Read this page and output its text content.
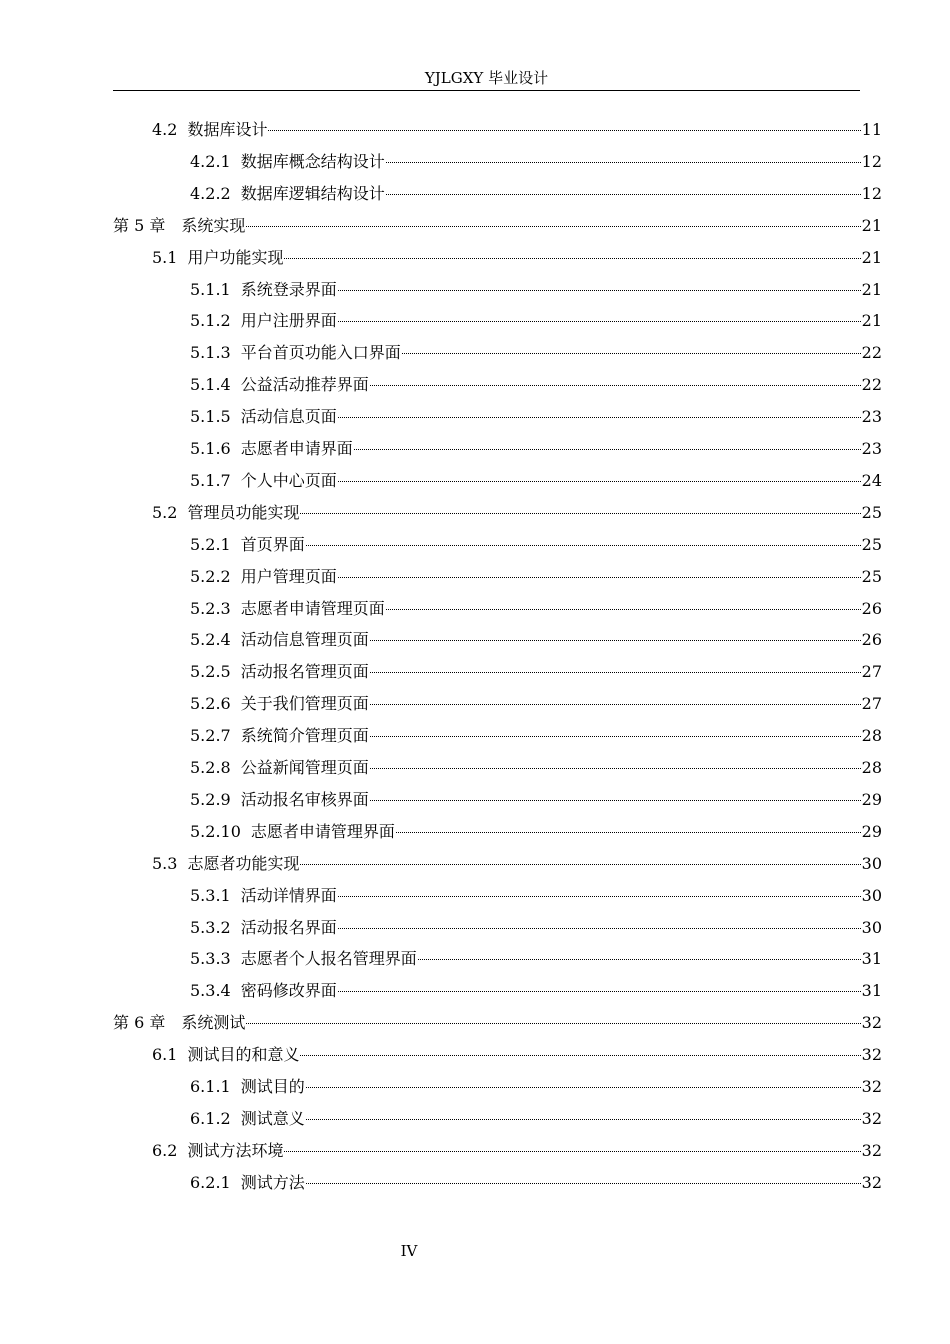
YJLGXY 毕业设计
4.2 数据库设计	11
4.2.1 数据库概念结构设计	12
4.2.2 数据库逻辑结构设计	12
第 5 章	系统实现	21
5.1 用户功能实现	21
5.1.1 系统登录界面	21
5.1.2 用户注册界面	21
5.1.3 平台首页功能入口界面	22
5.1.4 公益活动推荐界面	22
5.1.5 活动信息页面	23
5.1.6 志愿者申请界面	23
5.1.7 个人中心页面	24
5.2 管理员功能实现	25
5.2.1 首页界面	25
5.2.2 用户管理页面	25
5.2.3 志愿者申请管理页面	26
5.2.4 活动信息管理页面	26
5.2.5 活动报名管理页面	27
5.2.6 关于我们管理页面	27
5.2.7 系统简介管理页面	28
5.2.8 公益新闻管理页面	28
5.2.9 活动报名审核界面	29
5.2.10 志愿者申请管理界面	29
5.3 志愿者功能实现	30
5.3.1 活动详情界面	30
5.3.2 活动报名界面	30
5.3.3 志愿者个人报名管理界面	31
5.3.4 密码修改界面	31
第 6 章	系统测试	32
6.1 测试目的和意义	32
6.1.1 测试目的	32
6.1.2 测试意义	32
6.2 测试方法环境	32
6.2.1 测试方法	32
IV
